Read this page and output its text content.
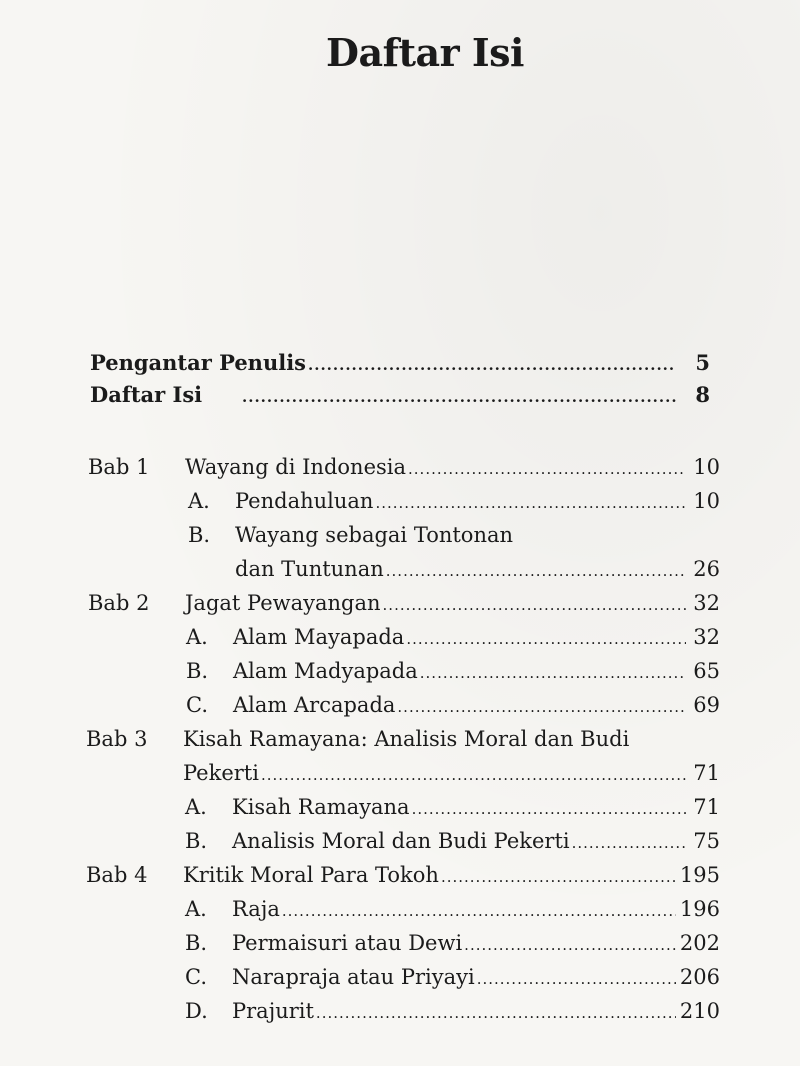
Daftar Isi
Pengantar Penulis .....	5
Daftar Isi .....	8
Bab 1 Wayang di Indonesia .....	10
A. Pendahuluan .....	10
B. Wayang sebagai Tontonan
dan Tuntunan .....	26
Bab 2 Jagat Pewayangan .....	32
A. Alam Mayapada .....	32
B. Alam Madyapada .....	65
C. Alam Arcapada .....	69
Bab 3 Kisah Ramayana: Analisis Moral dan Budi
Pekerti .....	71
A. Kisah Ramayana .....	71
B. Analisis Moral dan Budi Pekerti .....	75
Bab 4 Kritik Moral Para Tokoh .....	195
A. Raja .....	196
B. Permaisuri atau Dewi .....	202
C. Narapraja atau Priyayi .....	206
D. Prajurit .....	210
